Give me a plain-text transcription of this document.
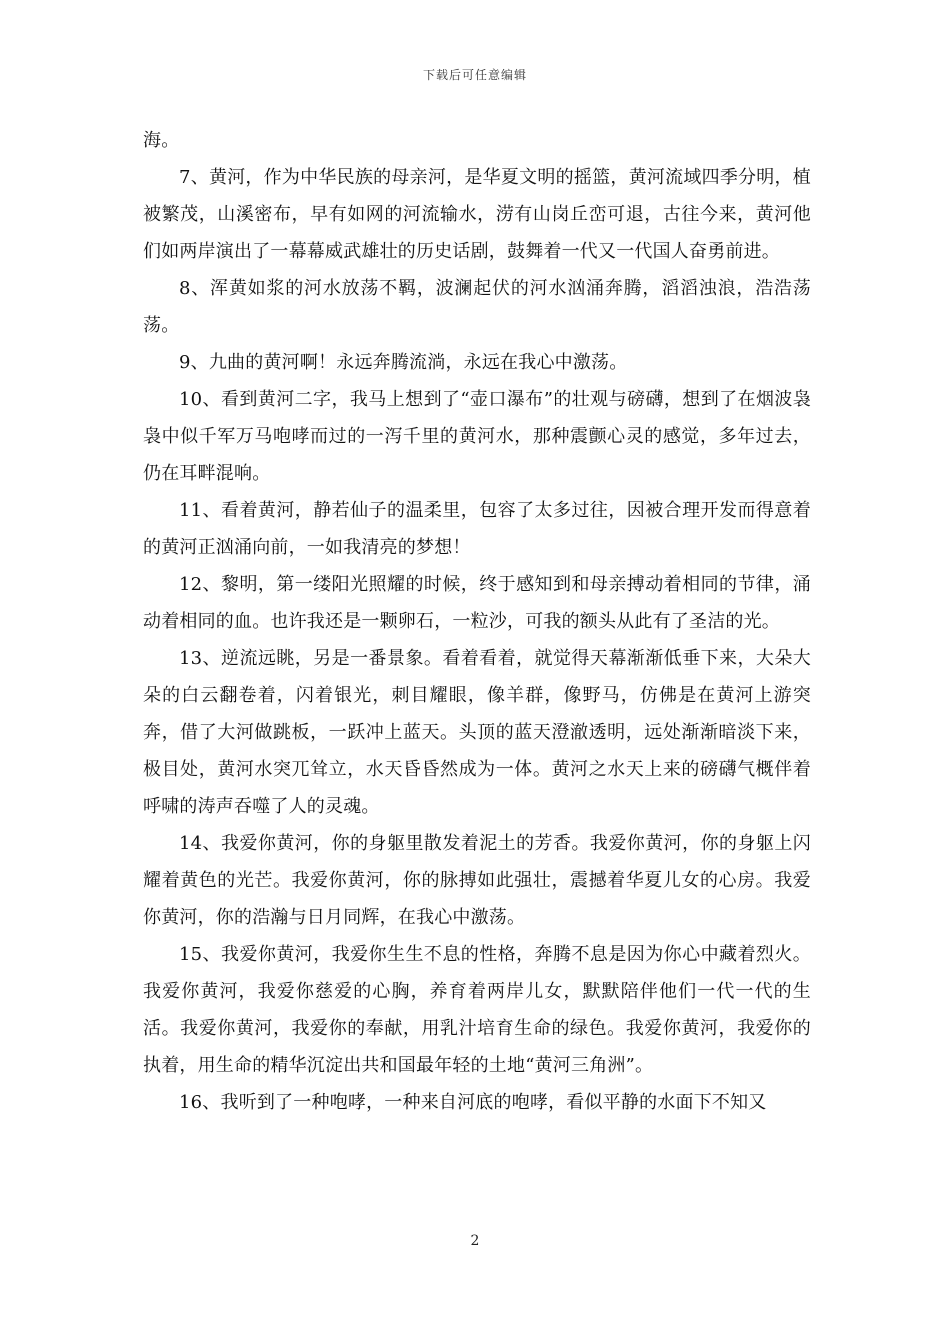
下载后可任意编辑

海。

7、黄河，作为中华民族的母亲河，是华夏文明的摇篮，黄河流域四季分明，植被繁茂，山溪密布，早有如网的河流输水，涝有山岗丘峦可退，古往今来，黄河他们如两岸演出了一幕幕威武雄壮的历史话剧，鼓舞着一代又一代国人奋勇前进。

8、浑黄如浆的河水放荡不羁，波澜起伏的河水汹涌奔腾，滔滔浊浪，浩浩荡荡。

9、九曲的黄河啊！永远奔腾流淌，永远在我心中激荡。

10、看到黄河二字，我马上想到了“壶口瀑布”的壮观与磅礴，想到了在烟波袅袅中似千军万马咆哮而过的一泻千里的黄河水，那种震颤心灵的感觉，多年过去，仍在耳畔混响。

11、看着黄河，静若仙子的温柔里，包容了太多过往，因被合理开发而得意着的黄河正汹涌向前，一如我清亮的梦想！

12、黎明，第一缕阳光照耀的时候，终于感知到和母亲搏动着相同的节律，涌动着相同的血。也许我还是一颗卵石，一粒沙，可我的额头从此有了圣洁的光。

13、逆流远眺，另是一番景象。看着看着，就觉得天幕渐渐低垂下来，大朵大朵的白云翻卷着，闪着银光，刺目耀眼，像羊群，像野马，仿佛是在黄河上游突奔，借了大河做跳板，一跃冲上蓝天。头顶的蓝天澄澈透明，远处渐渐暗淡下来，极目处，黄河水突兀耸立，水天昏昏然成为一体。黄河之水天上来的磅礴气概伴着呼啸的涛声吞噬了人的灵魂。

14、我爱你黄河，你的身躯里散发着泥土的芳香。我爱你黄河，你的身躯上闪耀着黄色的光芒。我爱你黄河，你的脉搏如此强壮，震撼着华夏儿女的心房。我爱你黄河，你的浩瀚与日月同辉，在我心中激荡。

15、我爱你黄河，我爱你生生不息的性格，奔腾不息是因为你心中藏着烈火。我爱你黄河，我爱你慈爱的心胸，养育着两岸儿女，默默陪伴他们一代一代的生活。我爱你黄河，我爱你的奉献，用乳汁培育生命的绿色。我爱你黄河，我爱你的执着，用生命的精华沉淀出共和国最年轻的土地“黄河三角洲”。

16、我听到了一种咆哮，一种来自河底的咆哮，看似平静的水面下不知又

2
